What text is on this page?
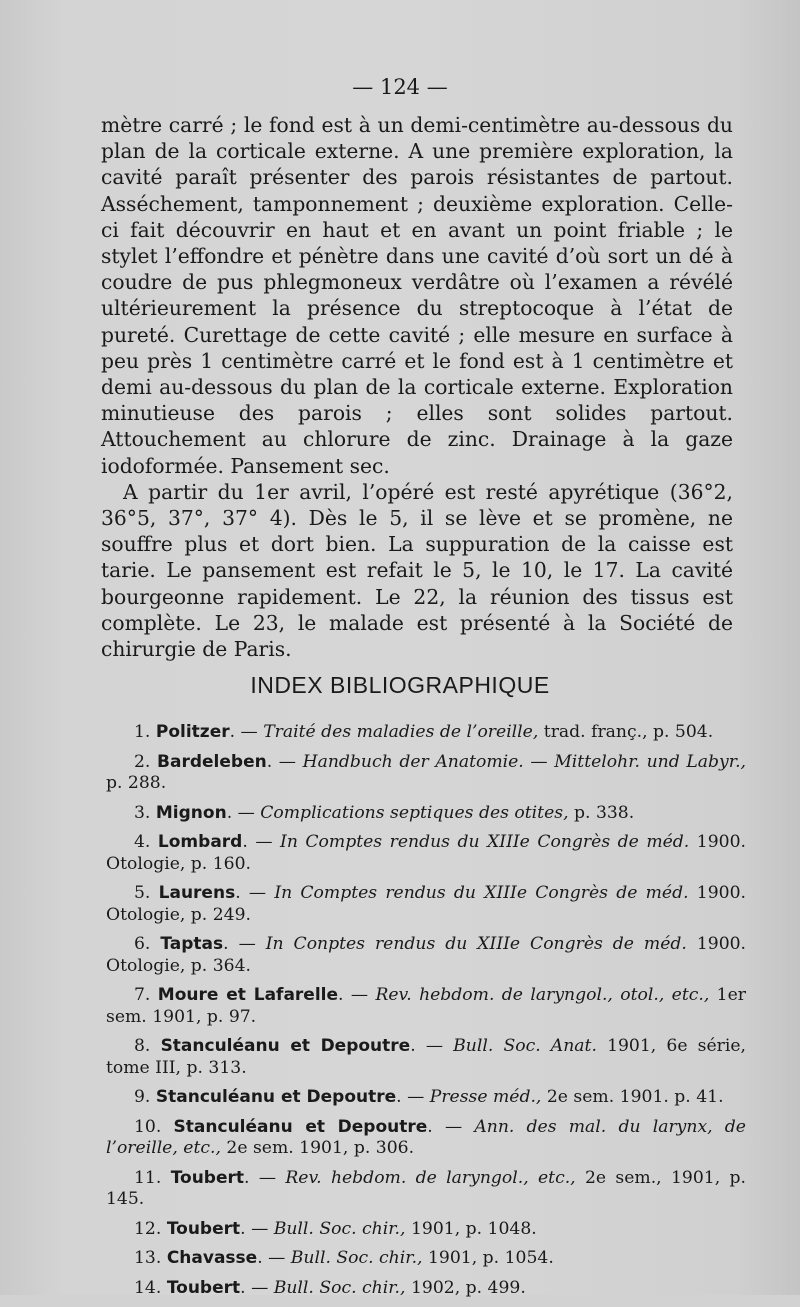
— 124 —

mètre carré ; le fond est à un demi-centimètre au-dessous du plan de la corticale externe. A une première exploration, la cavité paraît présenter des parois résistantes de partout. Asséchement, tamponnement ; deuxième exploration. Celle-ci fait découvrir en haut et en avant un point friable ; le stylet l’effondre et pénètre dans une cavité d’où sort un dé à coudre de pus phlegmoneux verdâtre où l’examen a révélé ultérieurement la présence du streptocoque à l’état de pureté. Curettage de cette cavité ; elle mesure en surface à peu près 1 centimètre carré et le fond est à 1 centimètre et demi au-dessous du plan de la corticale externe. Exploration minutieuse des parois ; elles sont solides partout. Attouchement au chlorure de zinc. Drainage à la gaze iodoformée. Pansement sec.

A partir du 1er avril, l’opéré est resté apyrétique (36°2, 36°5, 37°, 37° 4). Dès le 5, il se lève et se promène, ne souffre plus et dort bien. La suppuration de la caisse est tarie. Le pansement est refait le 5, le 10, le 17. La cavité bourgeonne rapidement. Le 22, la réunion des tissus est complète. Le 23, le malade est présenté à la Société de chirurgie de Paris.

INDEX BIBLIOGRAPHIQUE

1. Politzer. — Traité des maladies de l’oreille, trad. franç., p. 504.

2. Bardeleben. — Handbuch der Anatomie. — Mittelohr. und Labyr., p. 288.

3. Mignon. — Complications septiques des otites, p. 338.

4. Lombard. — In Comptes rendus du XIIIe Congrès de méd. 1900. Otologie, p. 160.

5. Laurens. — In Comptes rendus du XIIIe Congrès de méd. 1900. Otologie, p. 249.

6. Taptas. — In Conptes rendus du XIIIe Congrès de méd. 1900. Otologie, p. 364.

7. Moure et Lafarelle. — Rev. hebdom. de laryngol., otol., etc., 1er sem. 1901, p. 97.

8. Stanculéanu et Depoutre. — Bull. Soc. Anat. 1901, 6e série, tome III, p. 313.

9. Stanculéanu et Depoutre. — Presse méd., 2e sem. 1901. p. 41.

10. Stanculéanu et Depoutre. — Ann. des mal. du larynx, de l’oreille, etc., 2e sem. 1901, p. 306.

11. Toubert. — Rev. hebdom. de laryngol., etc., 2e sem., 1901, p. 145.

12. Toubert. — Bull. Soc. chir., 1901, p. 1048.

13. Chavasse. — Bull. Soc. chir., 1901, p. 1054.

14. Toubert. — Bull. Soc. chir., 1902, p. 499.
